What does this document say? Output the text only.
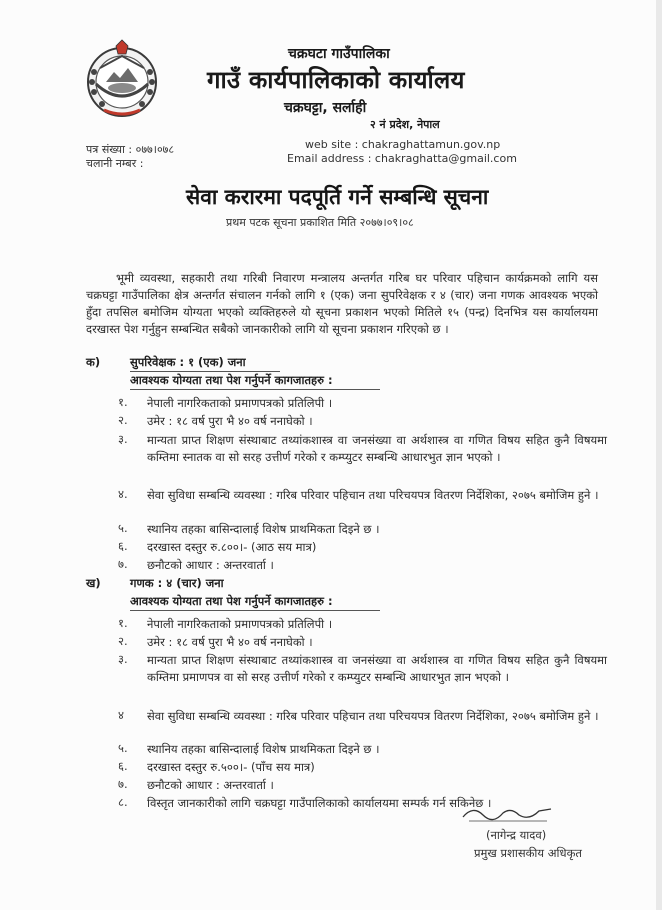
चक्रघटा गाउँपालिका
गाउँ कार्यपालिकाको कार्यालय
चक्रघट्टा, सर्लाही
२ नं प्रदेश, नेपाल
पत्र संख्या : ०७७।०७८
चलानी नम्बर :
web site : chakraghattamun.gov.np
Email address : chakraghatta@gmail.com
सेवा करारमा पदपूर्ति गर्ने सम्बन्धि सूचना
प्रथम पटक सूचना प्रकाशित मिति २०७७।०९।०८
भूमी व्यवस्था, सहकारी तथा गरिबी निवारण मन्त्रालय अन्तर्गत गरिब घर परिवार पहिचान कार्यक्रमको लागि यस चक्रघट्टा गाउँपालिका क्षेत्र अन्तर्गत संचालन गर्नको लागि १ (एक) जना सुपरिवेक्षक र ४ (चार) जना गणक आवश्यक भएको हुँदा तपसिल बमोजिम योग्यता भएको व्यक्तिहरुले यो सूचना प्रकाशन भएको मितिले १५ (पन्द्र) दिनभित्र यस कार्यालयमा दरखास्त पेश गर्नुहुन सम्बन्धित सबैको जानकारीको लागि यो सूचना प्रकाशन गरिएको छ ।
क)	सुपरिवेक्षक : १ (एक) जना
आवश्यक योग्यता तथा पेश गर्नुपर्ने कागजातहरु :
१. नेपाली नागरिकताको प्रमाणपत्रको प्रतिलिपी ।
२. उमेर : १८ वर्ष पुरा भै ४० वर्ष ननाघेको ।
३. मान्यता प्राप्त शिक्षण संस्थाबाट तथ्यांकशास्त्र वा जनसंख्या वा अर्थशास्त्र वा गणित विषय सहित कुनै विषयमा कम्तिमा स्नातक वा सो सरह उत्तीर्ण गरेको र कम्प्युटर सम्बन्धि आधारभुत ज्ञान भएको ।
४. सेवा सुविधा सम्बन्धि व्यवस्था : गरिब परिवार पहिचान तथा परिचयपत्र वितरण निर्देशिका, २०७५ बमोजिम हुने ।
५. स्थानिय तहका बासिन्दालाई विशेष प्राथमिकता दिइने छ ।
६. दरखास्त दस्तुर रु.८००।- (आठ सय मात्र)
७. छनौटको आधार : अन्तरवार्ता ।
ख)	गणक : ४ (चार) जना
आवश्यक योग्यता तथा पेश गर्नुपर्ने कागजातहरु :
१. नेपाली नागरिकताको प्रमाणपत्रको प्रतिलिपी ।
२. उमेर : १८ वर्ष पुरा भै ४० वर्ष ननाघेको ।
३. मान्यता प्राप्त शिक्षण संस्थाबाट तथ्यांकशास्त्र वा जनसंख्या वा अर्थशास्त्र वा गणित विषय सहित कुनै विषयमा कम्तिमा प्रमाणपत्र वा सो सरह उत्तीर्ण गरेको र कम्प्युटर सम्बन्धि आधारभुत ज्ञान भएको ।
४ सेवा सुविधा सम्बन्धि व्यवस्था : गरिब परिवार पहिचान तथा परिचयपत्र वितरण निर्देशिका, २०७५ बमोजिम हुने ।
५. स्थानिय तहका बासिन्दालाई विशेष प्राथमिकता दिइने छ ।
६. दरखास्त दस्तुर रु.५००।- (पाँच सय मात्र)
७. छनौटको आधार : अन्तरवार्ता ।
८. विस्तृत जानकारीको लागि चक्रघट्टा गाउँपालिकाको कार्यालयमा सम्पर्क गर्न सकिनेछ ।
(नागेन्द्र यादव)
प्रमुख प्रशासकीय अधिकृत
